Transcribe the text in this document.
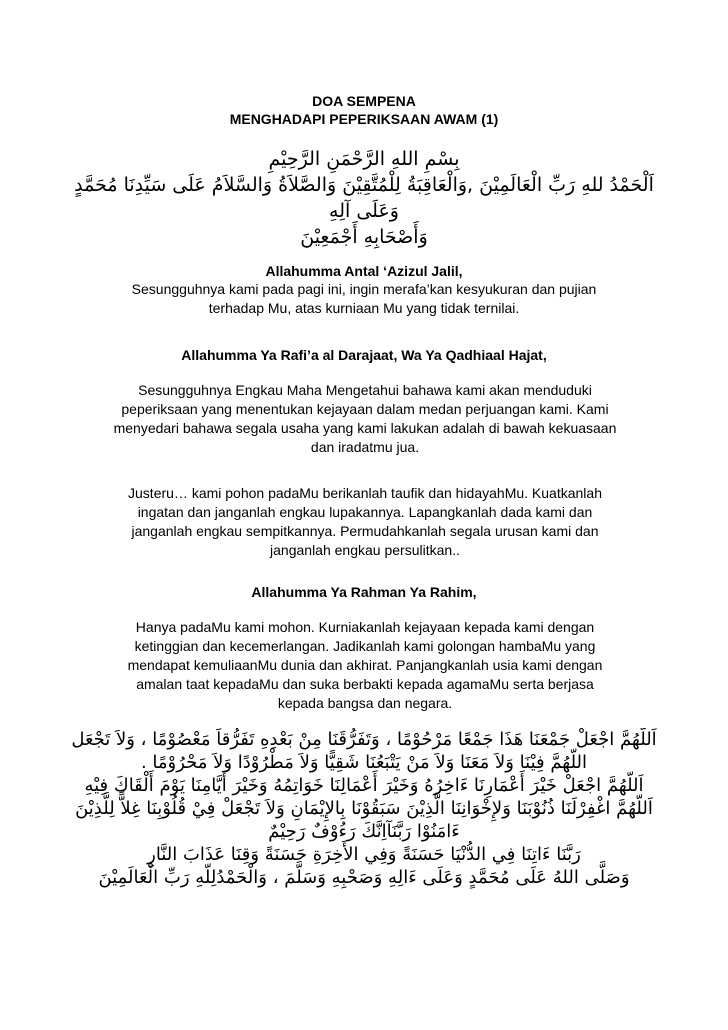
DOA SEMPENA
MENGHADAPI PEPERIKSAAN AWAM (1)
بِسْمِ اللهِ الرَّحْمَنِ الرَّحِيْمِ
اَلْحَمْدُ للهِ رَبِّ الْعَالَمِيْنَ ,وَالْعَاقِبَةُ لِلْمُتَّقِيْنَ وَالصَّلاَةُ وَالسَّلاَمُ عَلَى سَيِّدِنَا مُحَمَّدٍ
وَعَلَى آلِهِ
وَأَصْحَابِهِ أَجْمَعِيْنَ
Allahumma Antal ‘Azizul Jalil,
Sesungguhnya kami pada pagi ini, ingin merafa’kan kesyukuran dan pujian
terhadap Mu, atas kurniaan Mu yang tidak ternilai.
Allahumma Ya Rafi’a al Darajaat, Wa Ya Qadhiaal Hajat,
Sesungguhnya Engkau Maha Mengetahui bahawa kami akan menduduki
peperiksaan yang menentukan kejayaan dalam medan perjuangan kami. Kami
menyedari bahawa segala usaha yang kami lakukan adalah di bawah kekuasaan
dan iradatmu jua.
Justeru… kami pohon padaMu berikanlah taufik dan hidayahMu. Kuatkanlah
ingatan dan janganlah engkau lupakannya. Lapangkanlah dada kami dan
janganlah engkau sempitkannya. Permudahkanlah segala urusan kami dan
janganlah engkau persulitkan..
Allahumma Ya Rahman Ya Rahim,
Hanya padaMu kami mohon. Kurniakanlah kejayaan kepada kami dengan
ketinggian dan kecemerlangan. Jadikanlah kami golongan hambaMu yang
mendapat kemuliaanMu dunia dan akhirat. Panjangkanlah usia kami dengan
amalan taat kepadaMu dan suka berbakti kepada agamaMu serta berjasa
kepada bangsa dan negara.
اَللّهُمَّ اجْعَلْ جَمْعَنَا هَذَا جَمْعًا مَرْحُوْمًا ، وَتَفَرُّقَنَا مِنْ بَعْدِهِ تَفَرُّقاً مَعْصُوْمًا ، وَلاَ تَجْعَل
اللّهُمَّ فِيْنَا وَلاَ مَعَنَا وَلاَ مَنْ يَتْبَعُنَا شَقِيًّا وَلاَ مَطْرُوْدًا وَلاَ مَحْرُوْمًا .
اَللّهُمَّ اجْعَلْ خَيْرَ أَعْمَارِنَا ءَاخِرُهُ وَخَيْرَ أَعْمَالِنَا خَوَاتِمُهُ وَخَيْرَ أَيَّامِنَا يَوْمَ أَلْقَاكَ فِيْهِ
اَللّهُمَّ اغْفِرْلَنَا ذُنُوْبَنَا وَلإِخْوَانِنَا الَّذِيْنَ سَبَقُوْنَا بِالإِيْمَانِ وَلاَ تَجْعَلْ فِيْ قُلُوْبِنَا غِلاًّ لِلَّذِيْنَ
ءَامَنُوْا رَبَّنَآاِنَّكَ رَءُوْفٌ رَحِيْمٌ
رَبَّنَا ءَاتِنَا فِي الدُّنْيَا حَسَنَةً وَفِي الأَخِرَةِ حَسَنَةً وَقِنَا عَذَابَ النَّارِ
وَصَلَّى اللهُ عَلَى مُحَمَّدٍ وَعَلَى ءَالِهِ وَصَحْبِهِ وَسَلَّمَ ، وَالْحَمْدُلِلّهِ رَبِّ الْعَالَمِيْنَ
